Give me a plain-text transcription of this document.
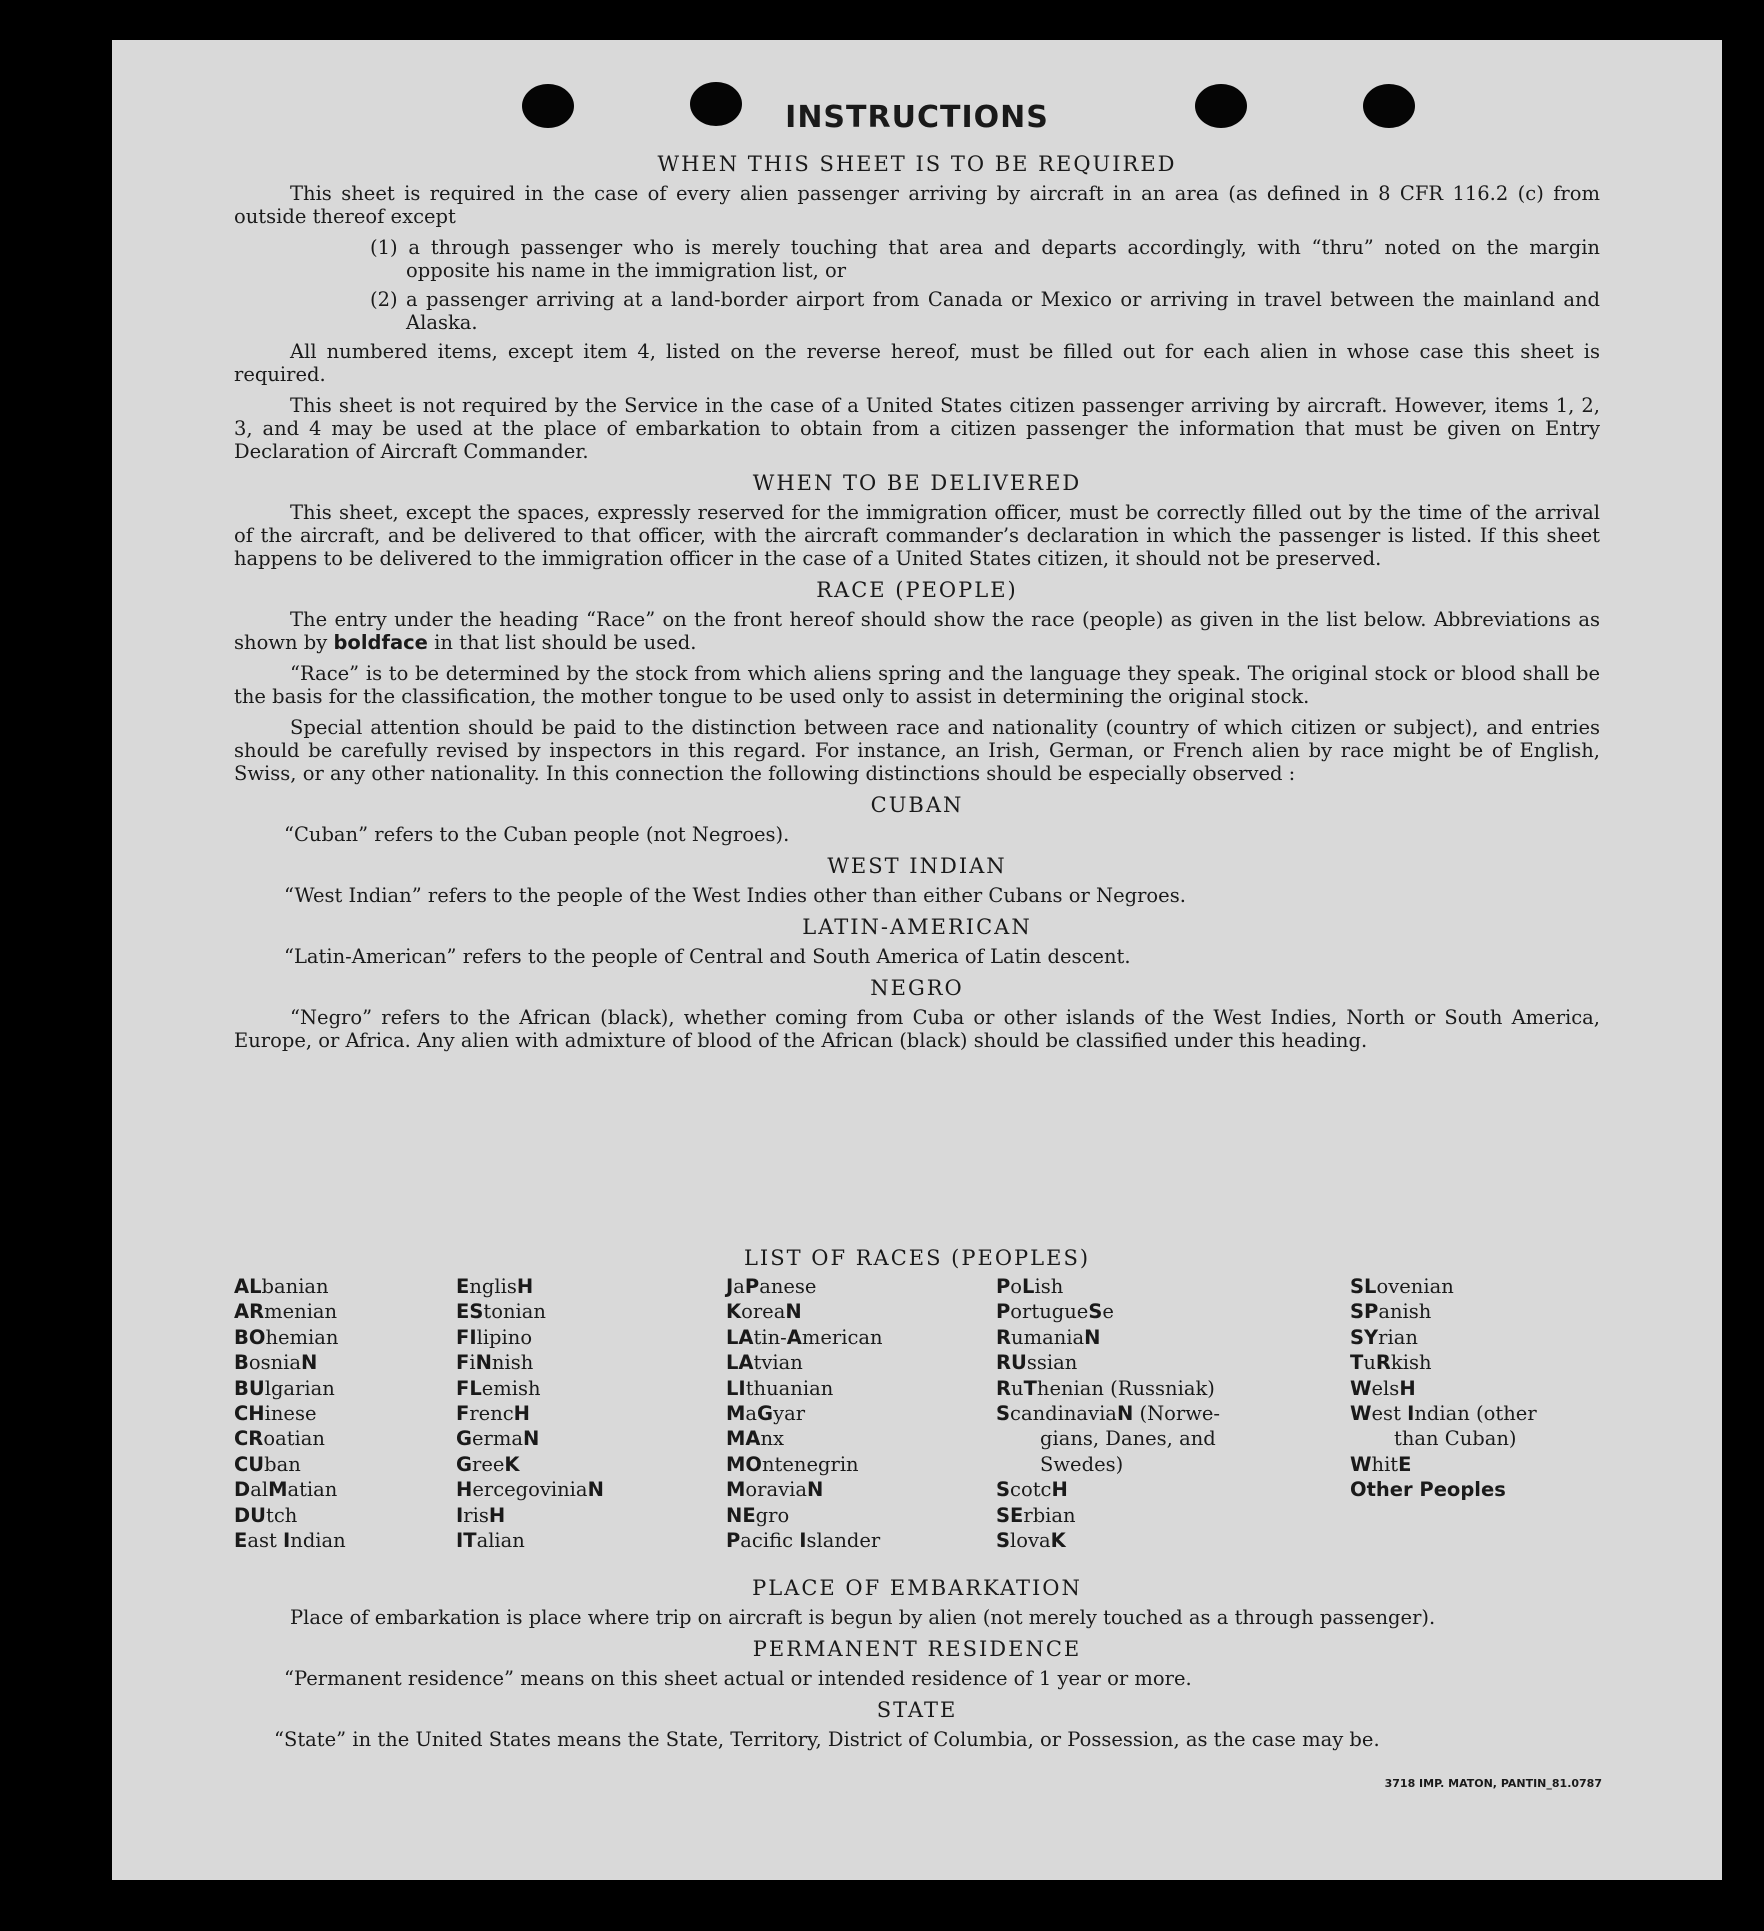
INSTRUCTIONS
WHEN THIS SHEET IS TO BE REQUIRED

This sheet is required in the case of every alien passenger arriving by aircraft in an area (as defined in 8 CFR 116.2 (c) from outside thereof except

(1) a through passenger who is merely touching that area and departs accordingly, with “thru” noted on the margin opposite his name in the immigration list, or

(2) a passenger arriving at a land-border airport from Canada or Mexico or arriving in travel between the mainland and Alaska.

All numbered items, except item 4, listed on the reverse hereof, must be filled out for each alien in whose case this sheet is required.

This sheet is not required by the Service in the case of a United States citizen passenger arriving by aircraft. However, items 1, 2, 3, and 4 may be used at the place of embarkation to obtain from a citizen passenger the information that must be given on Entry Declaration of Aircraft Commander.

WHEN TO BE DELIVERED

This sheet, except the spaces, expressly reserved for the immigration officer, must be correctly filled out by the time of the arrival of the aircraft, and be delivered to that officer, with the aircraft commander’s declaration in which the passenger is listed. If this sheet happens to be delivered to the immigration officer in the case of a United States citizen, it should not be preserved.

RACE (PEOPLE)

The entry under the heading “Race” on the front hereof should show the race (people) as given in the list below. Abbreviations as shown by boldface in that list should be used.

“Race” is to be determined by the stock from which aliens spring and the language they speak. The original stock or blood shall be the basis for the classification, the mother tongue to be used only to assist in determining the original stock.

Special attention should be paid to the distinction between race and nationality (country of which citizen or subject), and entries should be carefully revised by inspectors in this regard. For instance, an Irish, German, or French alien by race might be of English, Swiss, or any other nationality. In this connection the following distinctions should be especially observed :

CUBAN

“Cuban” refers to the Cuban people (not Negroes).

WEST INDIAN

“West Indian” refers to the people of the West Indies other than either Cubans or Negroes.

LATIN-AMERICAN

“Latin-American” refers to the people of Central and South America of Latin descent.

NEGRO

“Negro” refers to the African (black), whether coming from Cuba or other islands of the West Indies, North or South America, Europe, or Africa. Any alien with admixture of blood of the African (black) should be classified under this heading.

LIST OF RACES (PEOPLES)
ALbanian
ARmenian
BOhemian
BosniaN
BUlgarian
CHinese
CRoatian
CUban
DalMatian
DUtch
East Indian
EnglisH
EStonian
FIlipino
FiNnish
FLemish
FrencH
GermaN
GreeK
HercegoviniaN
IrisH
ITalian
JaPanese
KoreaN
LAtin-American
LAtvian
LIthuanian
MaGyar
MAnx
MOntenegrin
MoraviaN
NEgro
Pacific Islander
PoLish
PortugueSe
RumaniaN
RUssian
RuThenian (Russniak)
ScandinaviaN (Norwe-
gians, Danes, and
Swedes)
ScotcH
SErbian
SlovaK
SLovenian
SPanish
SYrian
TuRkish
WelsH
West Indian (other
than Cuban)
WhitE
Other Peoples
PLACE OF EMBARKATION

Place of embarkation is place where trip on aircraft is begun by alien (not merely touched as a through passenger).

PERMANENT RESIDENCE

“Permanent residence” means on this sheet actual or intended residence of 1 year or more.

STATE

“State” in the United States means the State, Territory, District of Columbia, or Possession, as the case may be.

3718 IMP. MATON, PANTIN_81.0787
